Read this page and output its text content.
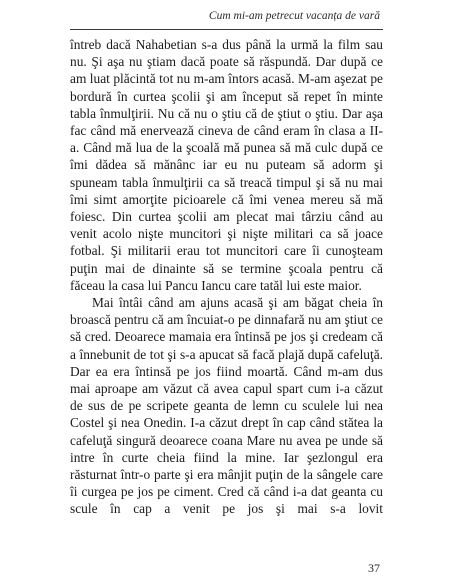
Cum mi-am petrecut vacanța de vară

întreb dacă Nahabetian s-a dus până la urmă la film sau nu. Şi aşa nu ştiam dacă poate să răspundă. Dar după ce am luat plăcintă tot nu m-am întors acasă. M-am aşezat pe bordură în curtea şcolii şi am început să repet în minte tabla înmulţirii. Nu că nu o ştiu că de ştiut o ştiu. Dar aşa fac când mă enervează cineva de când eram în clasa a II-a. Când mă lua de la şcoală mă punea să mă culc după ce îmi dădea să mănânc iar eu nu puteam să adorm şi spuneam tabla înmulţirii ca să treacă timpul şi să nu mai îmi simt amorţite picioarele că îmi venea mereu să mă foiesc. Din curtea şcolii am plecat mai târziu când au venit acolo nişte muncitori şi nişte militari ca să joace fotbal. Şi militarii erau tot muncitori care îi cunoşteam puţin mai de dinainte să se termine şcoala pentru că făceau la casa lui Pancu Iancu care tatăl lui este maior.

Mai întâi când am ajuns acasă şi am băgat cheia în broască pentru că am încuiat-o pe dinnafară nu am ştiut ce să cred. Deoarece mamaia era întinsă pe jos şi credeam că a înnebunit de tot şi s-a apucat să facă plajă după cafeluţă. Dar ea era întinsă pe jos fiind moartă. Când m-am dus mai aproape am văzut că avea capul spart cum i-a căzut de sus de pe scripete geanta de lemn cu sculele lui nea Costel şi nea Onedin. I-a căzut drept în cap când stătea la cafeluţă singură deoarece coana Mare nu avea pe unde să intre în curte cheia fiind la mine. Iar şezlongul era răsturnat într-o parte şi era mânjit puţin de la sângele care îi curgea pe jos pe ciment. Cred că când i-a dat geanta cu scule în cap a venit pe jos şi mai s-a lovit

37
